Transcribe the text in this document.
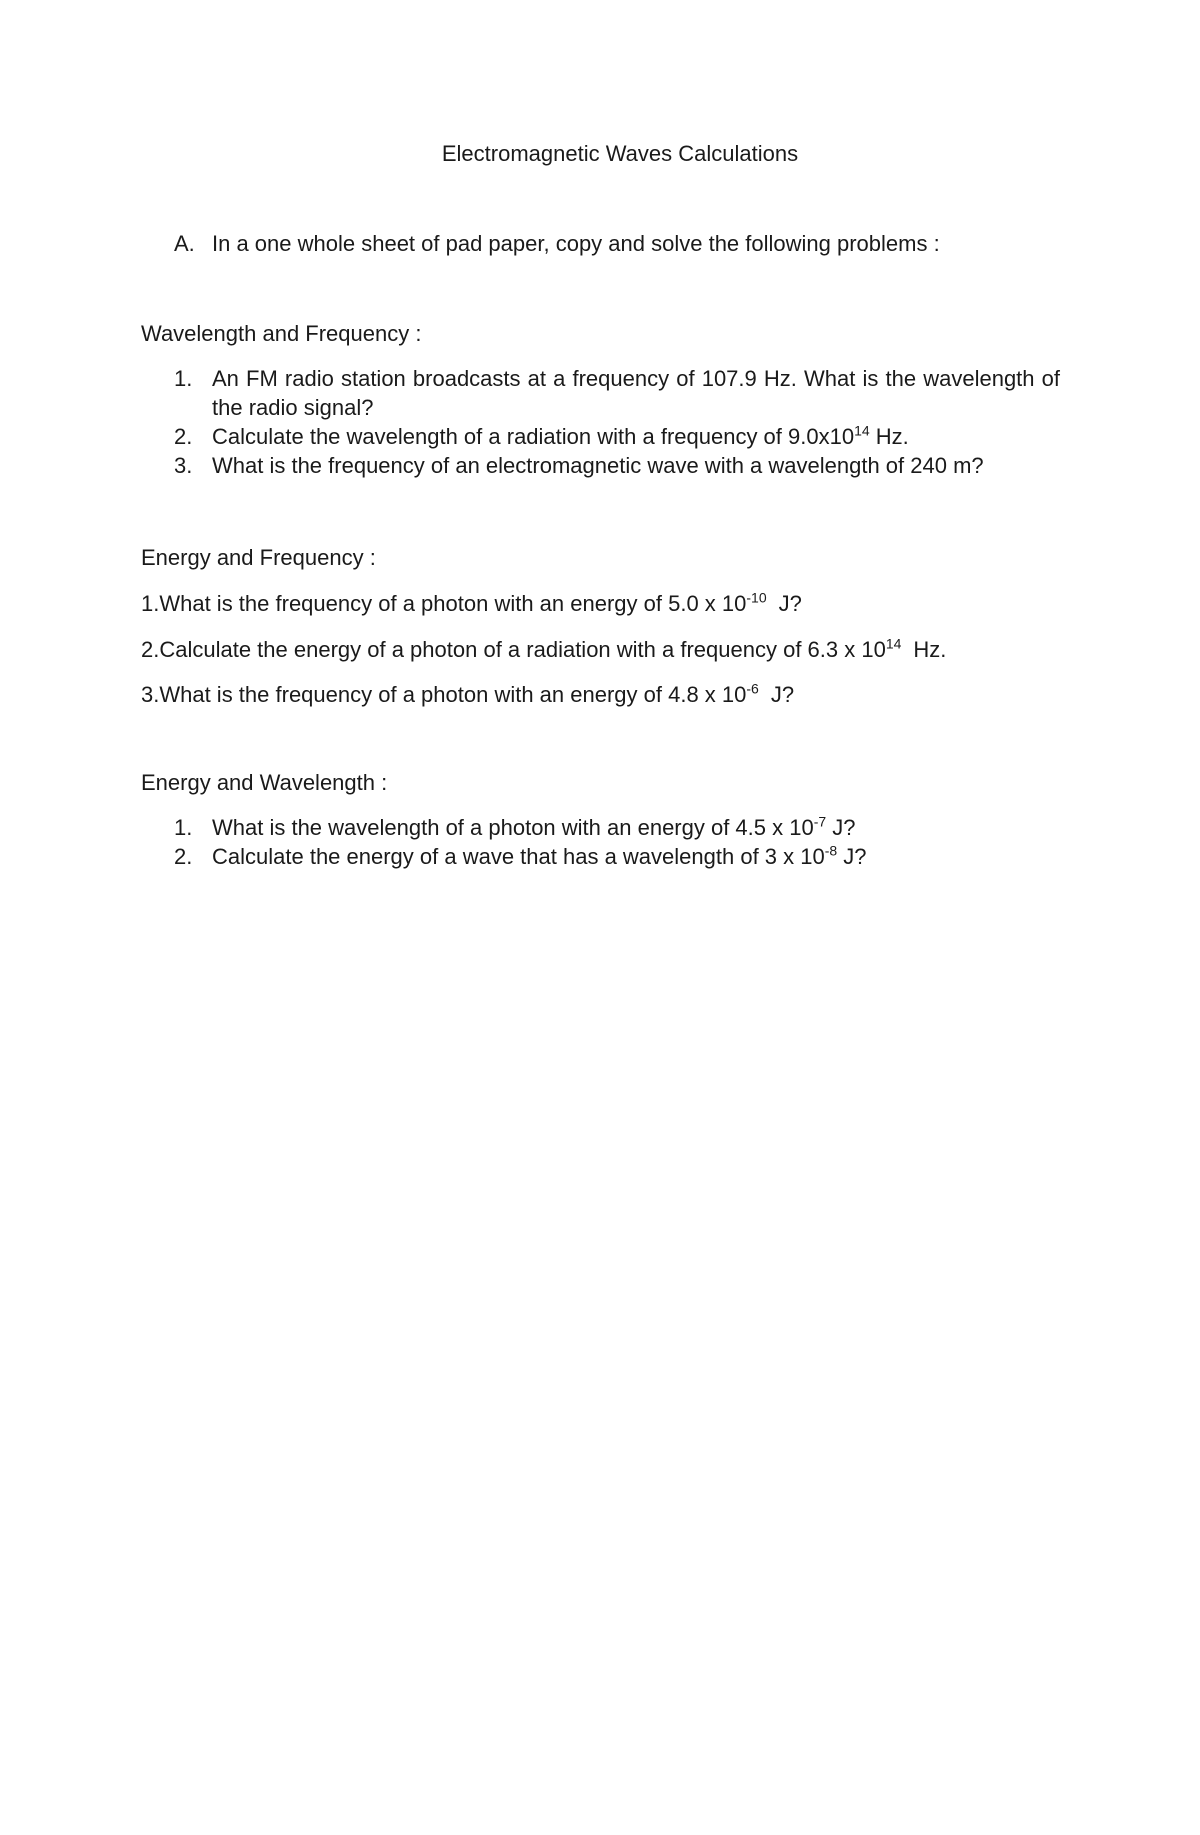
Electromagnetic Waves Calculations
A. In a one whole sheet of pad paper, copy and solve the following problems :
Wavelength and Frequency :
1. An FM radio station broadcasts at a frequency of 107.9 Hz. What is the wavelength of the radio signal?
2. Calculate the wavelength of a radiation with a frequency of $9.0x10^{14}$ Hz.
3. What is the frequency of an electromagnetic wave with a wavelength of 240 m?
Energy and Frequency :
1.What is the frequency of a photon with an energy of 5.0 x $10^{-10}$ J?
2.Calculate the energy of a photon of a radiation with a frequency of 6.3 x $10^{14}$ Hz.
3.What is the frequency of a photon with an energy of 4.8 x $10^{-6}$ J?
Energy and Wavelength :
1. What is the wavelength of a photon with an energy of 4.5 x $10^{-7}$ J?
2. Calculate the energy of a wave that has a wavelength of 3 x $10^{-8}$ J?
